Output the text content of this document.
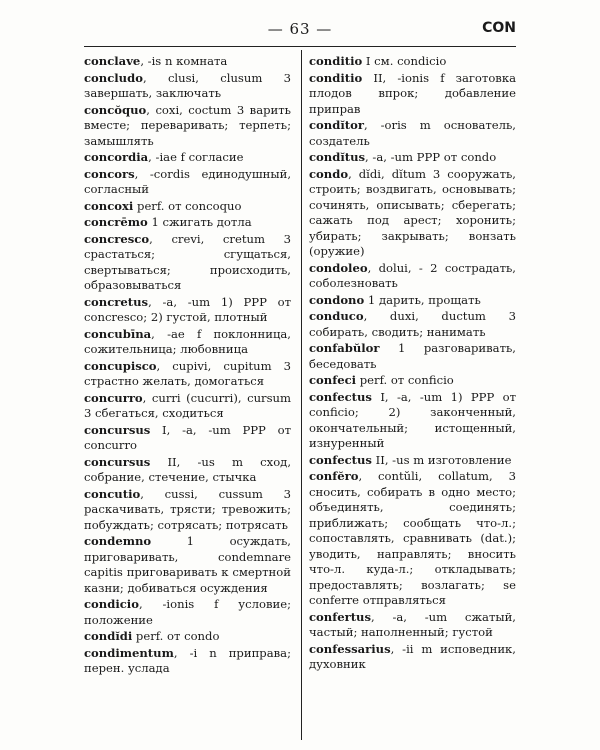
— 63 —	CON
conclave, -is n комната
concludo, clusi, clusum 3 завершать, заключать
concŏquo, coxi, coctum 3 варить вместе; переваривать; терпеть; замышлять
concordia, -iae f согласие
concors, -cordis единодушный, согласный
concoxi perf. от concoquo
concrēmo 1 сжигать дотла
concresco, crevi, cretum 3 срастаться; сгущаться, свертываться; происходить, образовываться
concretus, -a, -um 1) PPP от concresco; 2) густой, плотный
concubīna, -ae f поклонница, сожительница; любовница
concupisco, cupivi, cupitum 3 страстно желать, домогаться
concurro, curri (cucurri), cursum 3 сбегаться, сходиться
concursus I, -a, -um PPP от concurro
concursus II, -us m сход, собрание, стечение, стычка
concutio, cussi, cussum 3 раскачивать, трясти; тревожить; побуждать; сотрясать; потрясать
condemno 1 осуждать, приговаривать, condemnare capitis приговаривать к смертной казни; добиваться осуждения
condicio, -ionis f условие; положение
condĭdi perf. от condo
condimentum, -i n приправа; перен. услада
conditio I см. condicio
conditio II, -ionis f заготовка плодов впрок; добавление приправ
condĭtor, -oris m основатель, создатель
condĭtus, -a, -um PPP от condo
condo, dĭdi, dĭtum 3 сооружать, строить; воздвигать, основывать; сочинять, описывать; сберегать; сажать под арест; хоронить; убирать; закрывать; вонзать (оружие)
condoleo, dolui, - 2 сострадать, соболезновать
condono 1 дарить, прощать
conduco, duxi, ductum 3 собирать, сводить; нанимать
confabŭlor 1 разговаривать, беседовать
confeci perf. от conficio
confectus I, -a, -um 1) PPP от conficio; 2) законченный, окончательный; истощенный, изнуренный
confectus II, -us m изготовление
confĕro, contŭli, collatum, 3 сносить, собирать в одно место; объединять, соединять; приближать; сообщать что-л.; сопоставлять, сравнивать (dat.); уводить, направлять; вносить что-л. куда-л.; откладывать; предоставлять; возлагать; se conferre отправляться
confertus, -a, -um сжатый, частый; наполненный; густой
confessarius, -ii m исповедник, духовник
